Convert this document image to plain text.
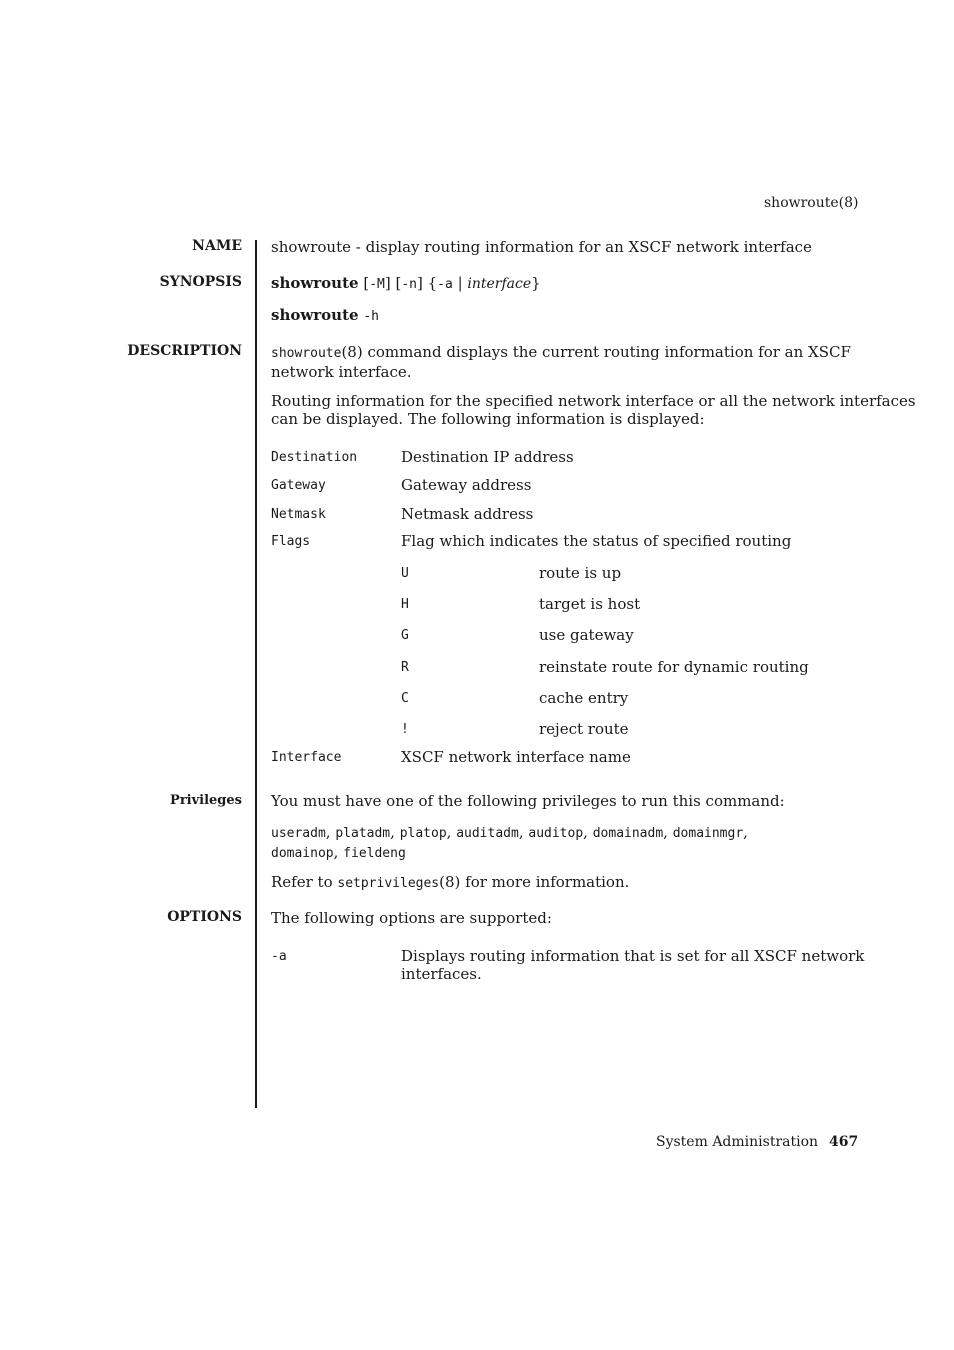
showroute(8)
NAME showroute - display routing information for an XSCF network interface
SYNOPSIS showroute [-M] [-n] {-a | interface}
showroute -h
DESCRIPTION showroute(8) command displays the current routing information for an XSCF
network interface.
Routing information for the specified network interface or all the network interfaces
can be displayed. The following information is displayed:
Destination	Destination IP address
Gateway	Gateway address
Netmask	Netmask address
Flags	Flag which indicates the status of specified routing
U	route is up
H	target is host
G	use gateway
R	reinstate route for dynamic routing
C	cache entry
!	reject route
Interface	XSCF network interface name
Privileges You must have one of the following privileges to run this command:
useradm, platadm, platop, auditadm, auditop, domainadm, domainmgr,
domainop, fieldeng
Refer to setprivileges(8) for more information.
OPTIONS The following options are supported:
-a	Displays routing information that is set for all XSCF network
interfaces.
System Administration 467
